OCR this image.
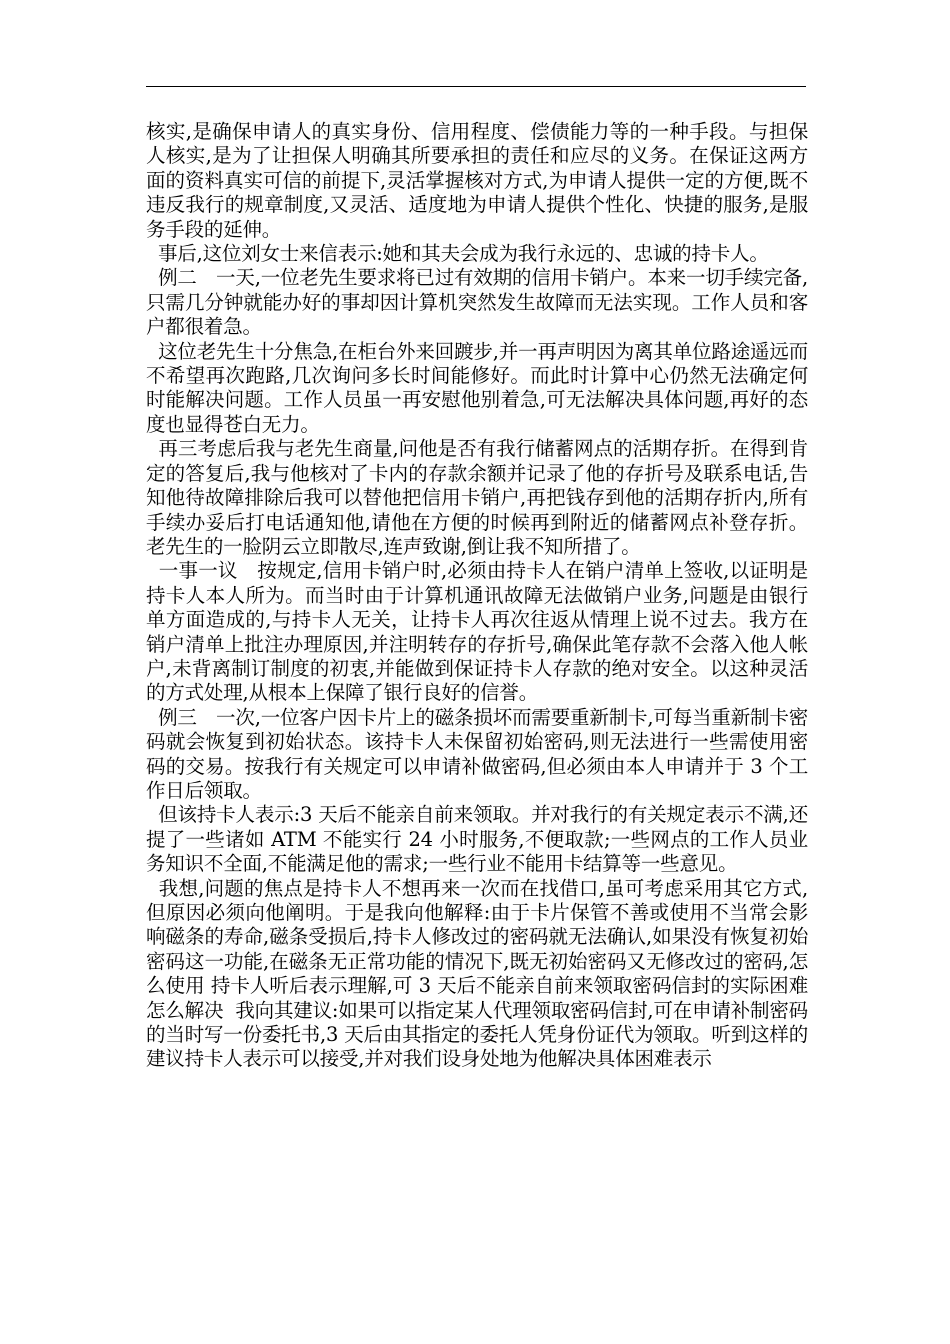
核实,是确保申请人的真实身份、信用程度、偿债能力等的一种手段。与担保人核实,是为了让担保人明确其所要承担的责任和应尽的义务。在保证这两方面的资料真实可信的前提下,灵活掌握核对方式,为申请人提供一定的方便,既不违反我行的规章制度,又灵活、适度地为申请人提供个性化、快捷的服务,是服务手段的延伸。

事后,这位刘女士来信表示:她和其夫会成为我行永远的、忠诚的持卡人。

例二　一天,一位老先生要求将已过有效期的信用卡销户。本来一切手续完备,只需几分钟就能办好的事却因计算机突然发生故障而无法实现。工作人员和客户都很着急。

这位老先生十分焦急,在柜台外来回踱步,并一再声明因为离其单位路途遥远而不希望再次跑路,几次询问多长时间能修好。而此时计算中心仍然无法确定何时能解决问题。工作人员虽一再安慰他别着急,可无法解决具体问题,再好的态度也显得苍白无力。

再三考虑后我与老先生商量,问他是否有我行储蓄网点的活期存折。在得到肯定的答复后,我与他核对了卡内的存款余额并记录了他的存折号及联系电话,告知他待故障排除后我可以替他把信用卡销户,再把钱存到他的活期存折内,所有手续办妥后打电话通知他,请他在方便的时候再到附近的储蓄网点补登存折。老先生的一脸阴云立即散尽,连声致谢,倒让我不知所措了。

一事一议　按规定,信用卡销户时,必须由持卡人在销户清单上签收,以证明是持卡人本人所为。而当时由于计算机通讯故障无法做销户业务,问题是由银行单方面造成的,与持卡人无关，让持卡人再次往返从情理上说不过去。我方在销户清单上批注办理原因,并注明转存的存折号,确保此笔存款不会落入他人帐户,未背离制订制度的初衷,并能做到保证持卡人存款的绝对安全。以这种灵活的方式处理,从根本上保障了银行良好的信誉。

例三　一次,一位客户因卡片上的磁条损坏而需要重新制卡,可每当重新制卡密码就会恢复到初始状态。该持卡人未保留初始密码,则无法进行一些需使用密码的交易。按我行有关规定可以申请补做密码,但必须由本人申请并于 3 个工作日后领取。

但该持卡人表示:3 天后不能亲自前来领取。并对我行的有关规定表示不满,还提了一些诸如 ATM 不能实行 24 小时服务,不便取款;一些网点的工作人员业务知识不全面,不能满足他的需求;一些行业不能用卡结算等一些意见。

我想,问题的焦点是持卡人不想再来一次而在找借口,虽可考虑采用其它方式,但原因必须向他阐明。于是我向他解释:由于卡片保管不善或使用不当常会影响磁条的寿命,磁条受损后,持卡人修改过的密码就无法确认,如果没有恢复初始密码这一功能,在磁条无正常功能的情况下,既无初始密码又无修改过的密码,怎么使用 持卡人听后表示理解,可 3 天后不能亲自前来领取密码信封的实际困难怎么解决  我向其建议:如果可以指定某人代理领取密码信封,可在申请补制密码的当时写一份委托书,3 天后由其指定的委托人凭身份证代为领取。听到这样的建议持卡人表示可以接受,并对我们设身处地为他解决具体困难表示
